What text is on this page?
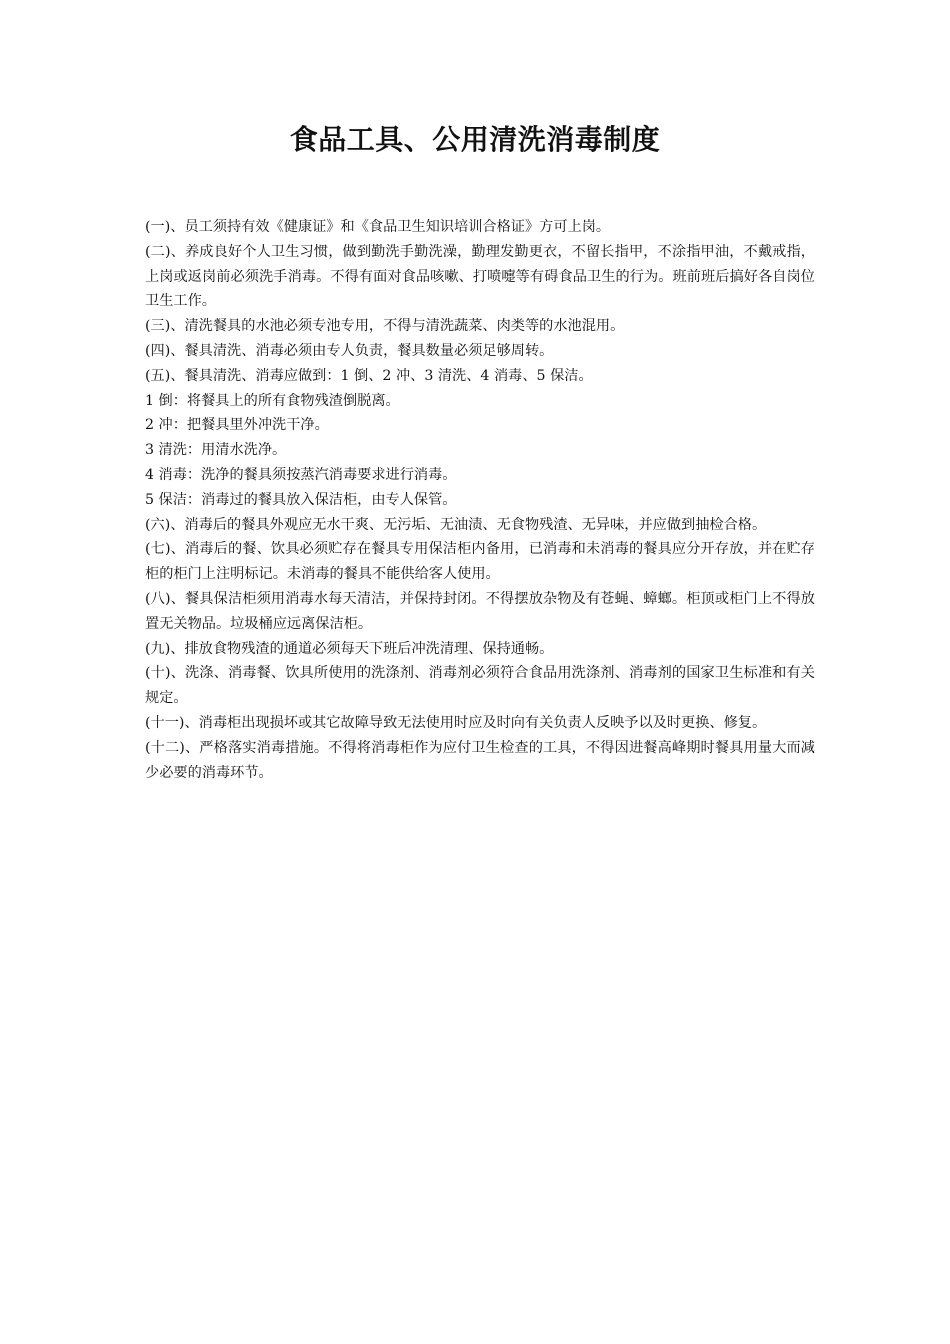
食品工具、公用清洗消毒制度

(一)、员工须持有效《健康证》和《食品卫生知识培训合格证》方可上岗。

(二)、养成良好个人卫生习惯，做到勤洗手勤洗澡，勤理发勤更衣，不留长指甲，不涂指甲油，不戴戒指，上岗或返岗前必须洗手消毒。不得有面对食品咳嗽、打喷嚏等有碍食品卫生的行为。班前班后搞好各自岗位卫生工作。

(三)、清洗餐具的水池必须专池专用，不得与清洗蔬菜、肉类等的水池混用。

(四)、餐具清洗、消毒必须由专人负责，餐具数量必须足够周转。

(五)、餐具清洗、消毒应做到：1 倒、2 冲、3 清洗、4 消毒、5 保洁。

1 倒：将餐具上的所有食物残渣倒脱离。

2 冲：把餐具里外冲洗干净。

3 清洗：用清水洗净。

4 消毒：洗净的餐具须按蒸汽消毒要求进行消毒。

5 保洁：消毒过的餐具放入保洁柜，由专人保管。

(六)、消毒后的餐具外观应无水干爽、无污垢、无油渍、无食物残渣、无异味，并应做到抽检合格。

(七)、消毒后的餐、饮具必须贮存在餐具专用保洁柜内备用，已消毒和未消毒的餐具应分开存放，并在贮存柜的柜门上注明标记。未消毒的餐具不能供给客人使用。

(八)、餐具保洁柜须用消毒水每天清洁，并保持封闭。不得摆放杂物及有苍蝇、蟑螂。柜顶或柜门上不得放置无关物品。垃圾桶应远离保洁柜。

(九)、排放食物残渣的通道必须每天下班后冲洗清理、保持通畅。

(十)、洗涤、消毒餐、饮具所使用的洗涤剂、消毒剂必须符合食品用洗涤剂、消毒剂的国家卫生标准和有关规定。

(十一)、消毒柜出现损坏或其它故障导致无法使用时应及时向有关负责人反映予以及时更换、修复。

(十二)、严格落实消毒措施。不得将消毒柜作为应付卫生检查的工具，不得因进餐高峰期时餐具用量大而减少必要的消毒环节。
